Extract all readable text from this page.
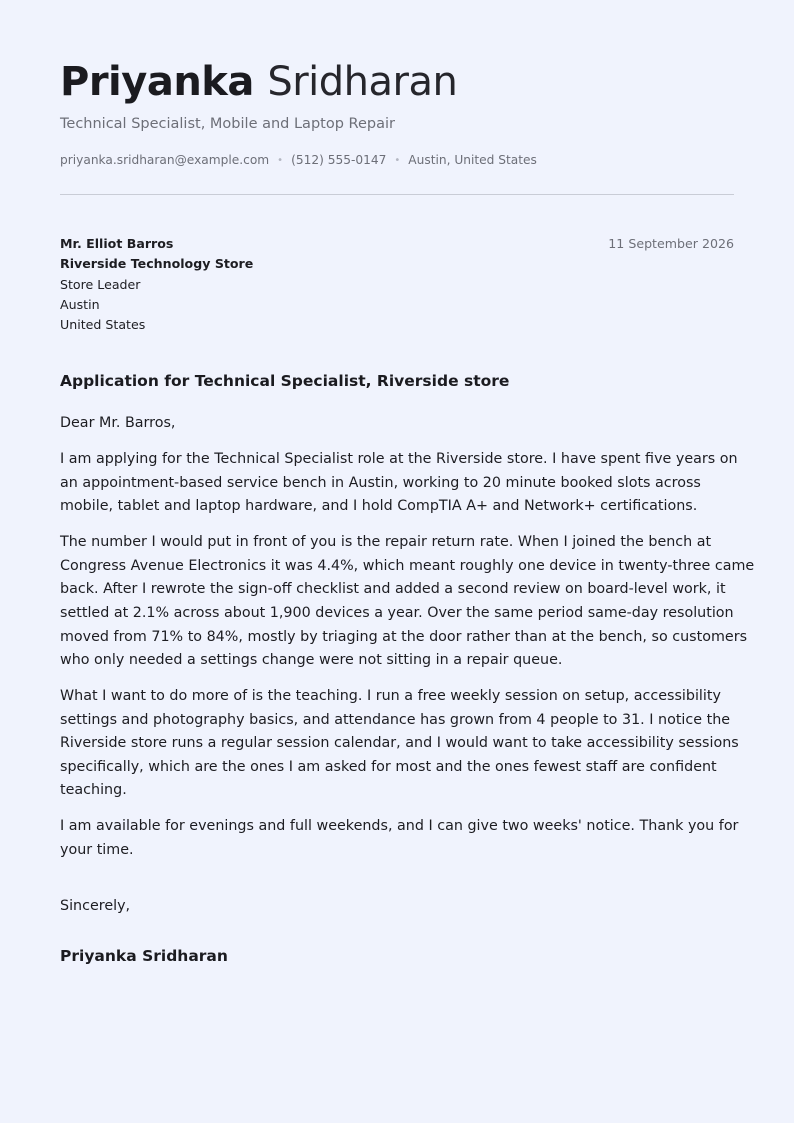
Priyanka Sridharan
Technical Specialist, Mobile and Laptop Repair
priyanka.sridharan@example.com • (512) 555-0147 • Austin, United States
Mr. Elliot Barros
Riverside Technology Store
Store Leader
Austin
United States
11 September 2026
Application for Technical Specialist, Riverside store

Dear Mr. Barros,

I am applying for the Technical Specialist role at the Riverside store. I have spent five years on
an appointment-based service bench in Austin, working to 20 minute booked slots across
mobile, tablet and laptop hardware, and I hold CompTIA A+ and Network+ certifications.

The number I would put in front of you is the repair return rate. When I joined the bench at
Congress Avenue Electronics it was 4.4%, which meant roughly one device in twenty-three came
back. After I rewrote the sign-off checklist and added a second review on board-level work, it
settled at 2.1% across about 1,900 devices a year. Over the same period same-day resolution
moved from 71% to 84%, mostly by triaging at the door rather than at the bench, so customers
who only needed a settings change were not sitting in a repair queue.

What I want to do more of is the teaching. I run a free weekly session on setup, accessibility
settings and photography basics, and attendance has grown from 4 people to 31. I notice the
Riverside store runs a regular session calendar, and I would want to take accessibility sessions
specifically, which are the ones I am asked for most and the ones fewest staff are confident
teaching.

I am available for evenings and full weekends, and I can give two weeks' notice. Thank you for
your time.

Sincerely,
Priyanka Sridharan
